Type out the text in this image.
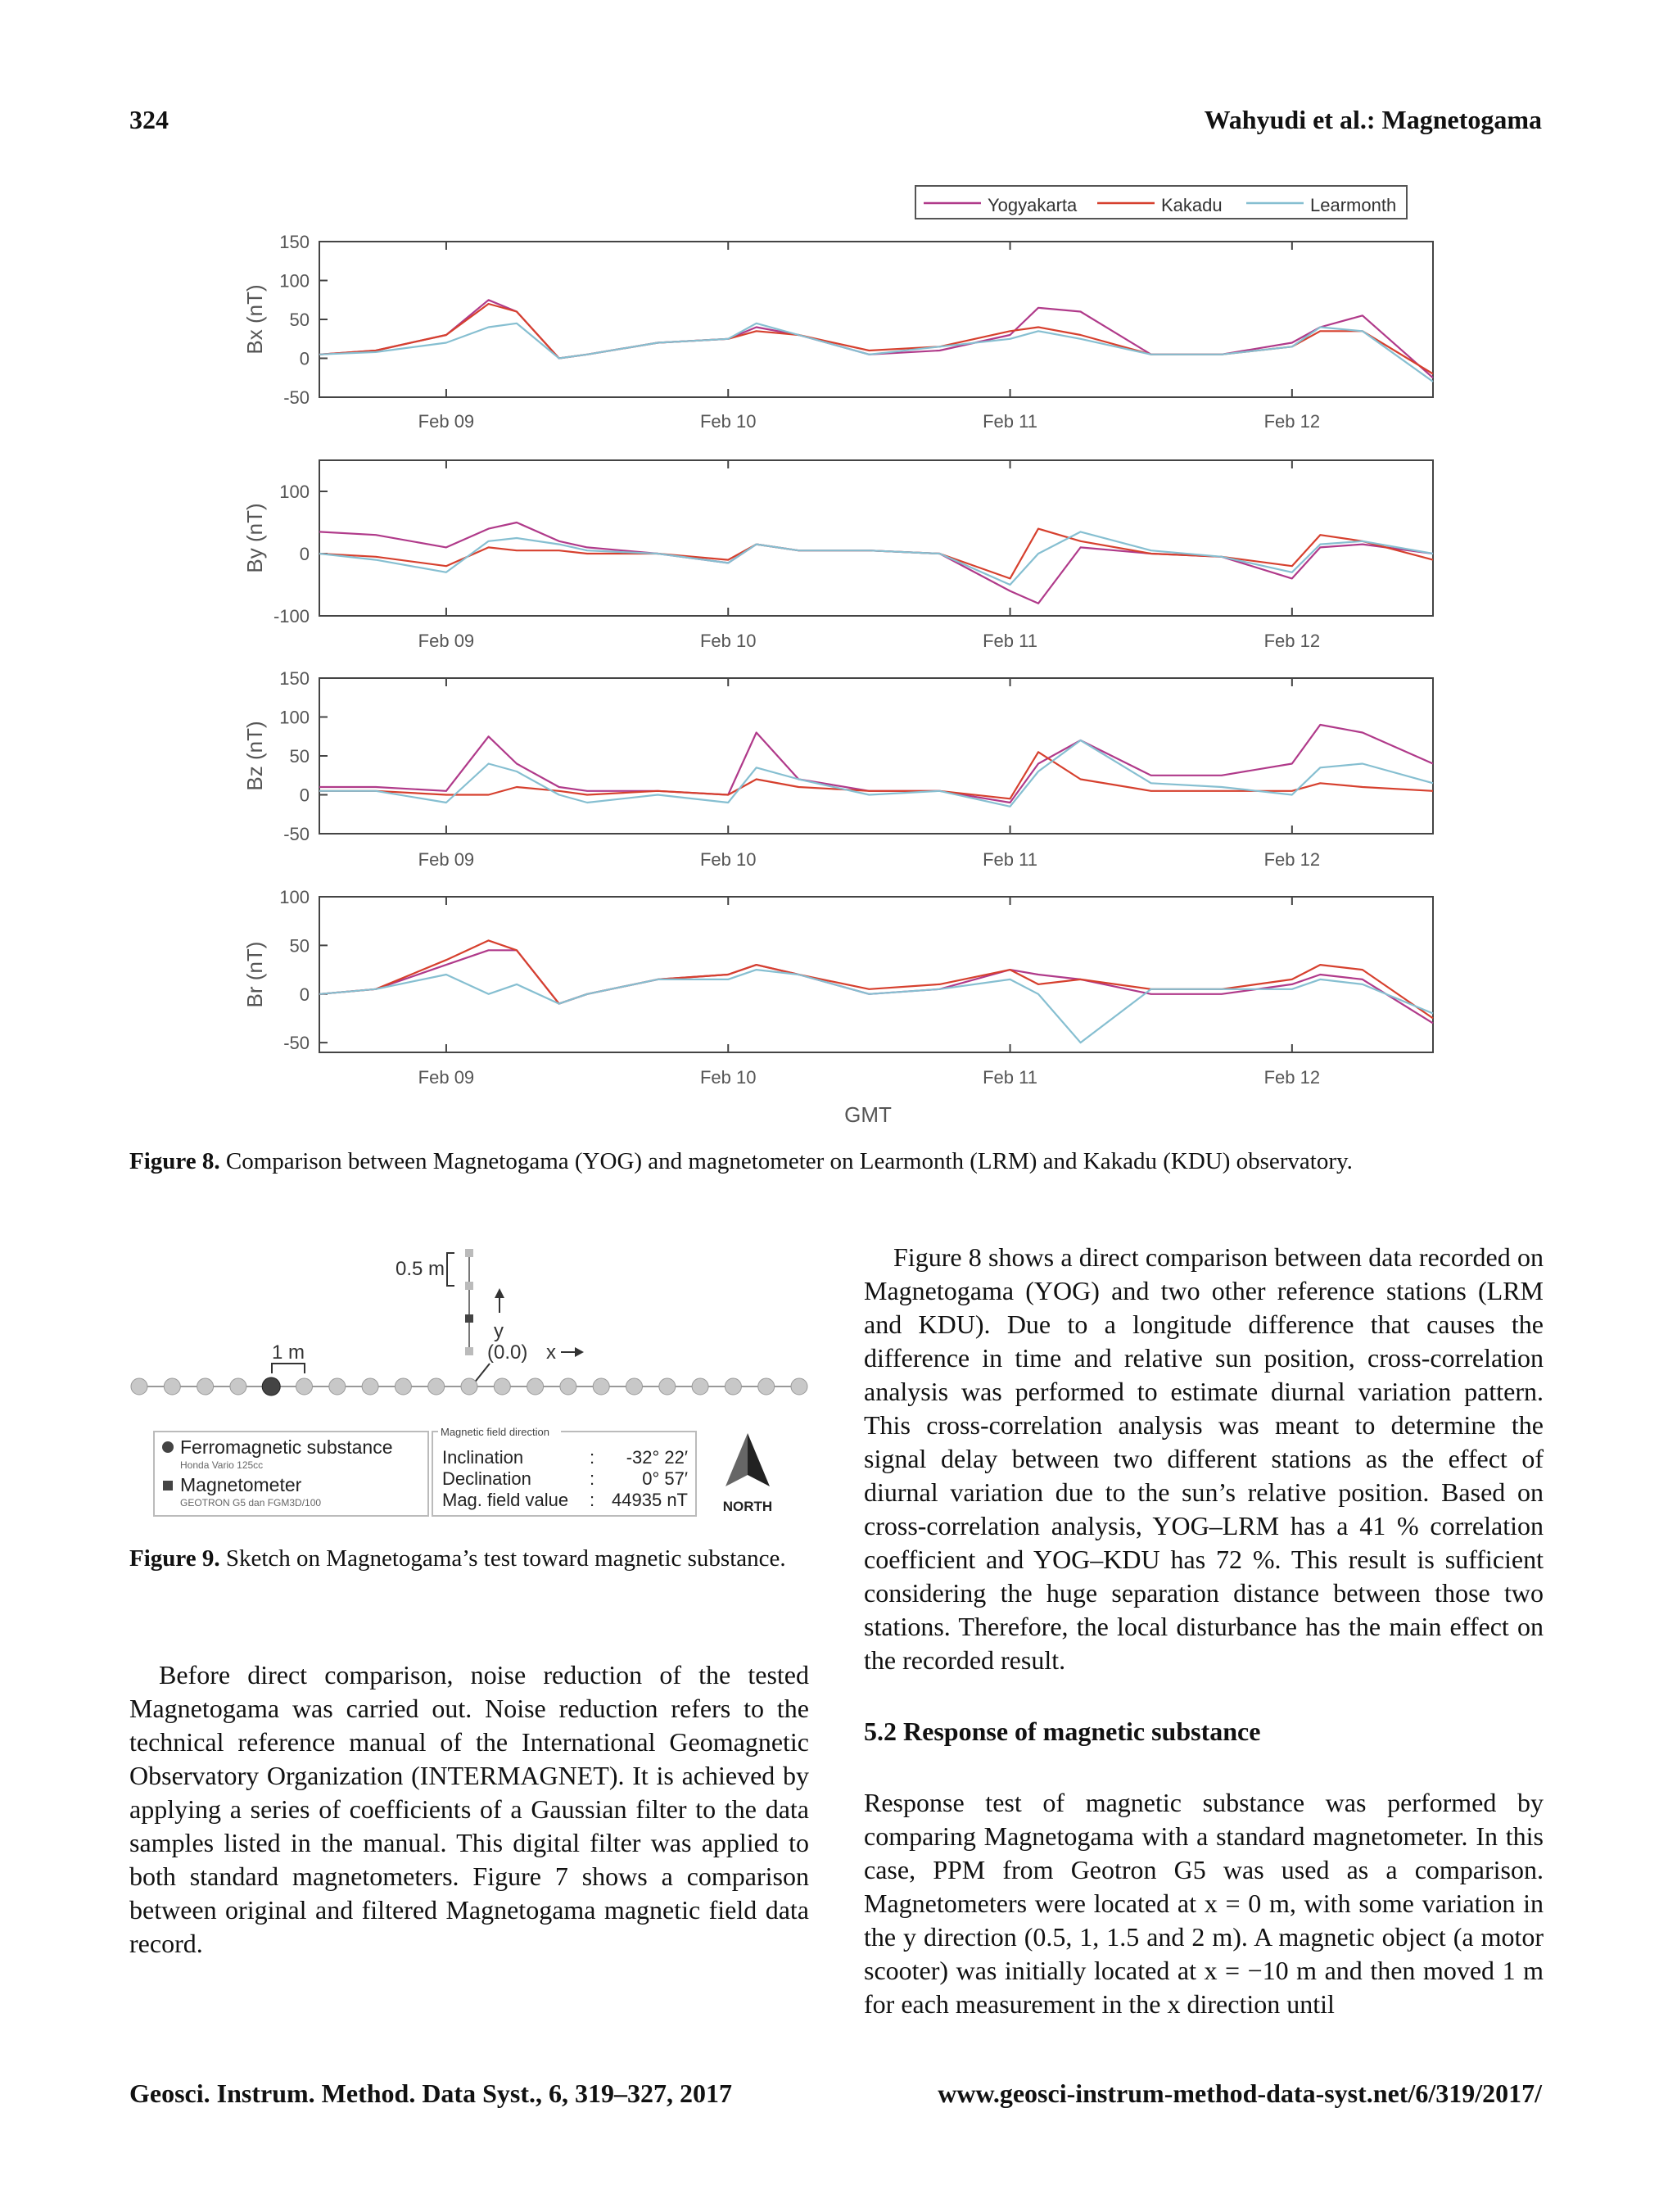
324	Wahyudi et al.: Magnetogama
Yogyakarta	Kakadu	Learmonth
150
100
50
0
-50
Feb 09	Feb 10	Feb 11	Feb 12
Bx (nT)
100
0
-100
Feb 09	Feb 10	Feb 11	Feb 12
By (nT)
150
100
50
0
-50
Feb 09	Feb 10	Feb 11	Feb 12
Bz (nT)
100
50
0
-50
Feb 09	Feb 10	Feb 11	Feb 12
Br (nT)
GMT
Figure 8. Comparison between Magnetogama (YOG) and magnetometer on Learmonth (LRM) and Kakadu (KDU) observatory.
0.5 m
y
(0.0) x
1 m
Ferromagnetic substance
Honda Vario 125cc
Magnetometer
GEOTRON G5 dan FGM3D/100
Magnetic field direction
Inclination	: -32° 22′
Declination	:	0° 57′
Mag. field value : 44935 nT	NORTH
Figure 9. Sketch on Magnetogama’s test toward magnetic substance.

Before direct comparison, noise reduction of the tested Magnetogama was carried out. Noise reduction refers to the technical reference manual of the International Geomagnetic Observatory Organization (INTERMAGNET). It is achieved by applying a series of coefficients of a Gaussian filter to the data samples listed in the manual. This digital filter was applied to both standard magnetometers. Figure 7 shows a comparison between original and filtered Magnetogama magnetic field data record.

Figure 8 shows a direct comparison between data recorded on Magnetogama (YOG) and two other reference stations (LRM and KDU). Due to a longitude difference that causes the difference in time and relative sun position, cross-correlation analysis was performed to estimate diurnal variation pattern. This cross-correlation analysis was meant to determine the signal delay between two different stations as the effect of diurnal variation due to the sun’s relative position. Based on cross-correlation analysis, YOG–LRM has a 41 % correlation coefficient and YOG–KDU has 72 %. This result is sufficient considering the huge separation distance between those two stations. Therefore, the local disturbance has the main effect on the recorded result.

5.2 Response of magnetic substance

Response test of magnetic substance was performed by comparing Magnetogama with a standard magnetometer. In this case, PPM from Geotron G5 was used as a comparison. Magnetometers were located at x = 0 m, with some variation in the y direction (0.5, 1, 1.5 and 2 m). A magnetic object (a motor scooter) was initially located at x = −10 m and then moved 1 m for each measurement in the x direction until

Geosci. Instrum. Method. Data Syst., 6, 319–327, 2017	www.geosci-instrum-method-data-syst.net/6/319/2017/
